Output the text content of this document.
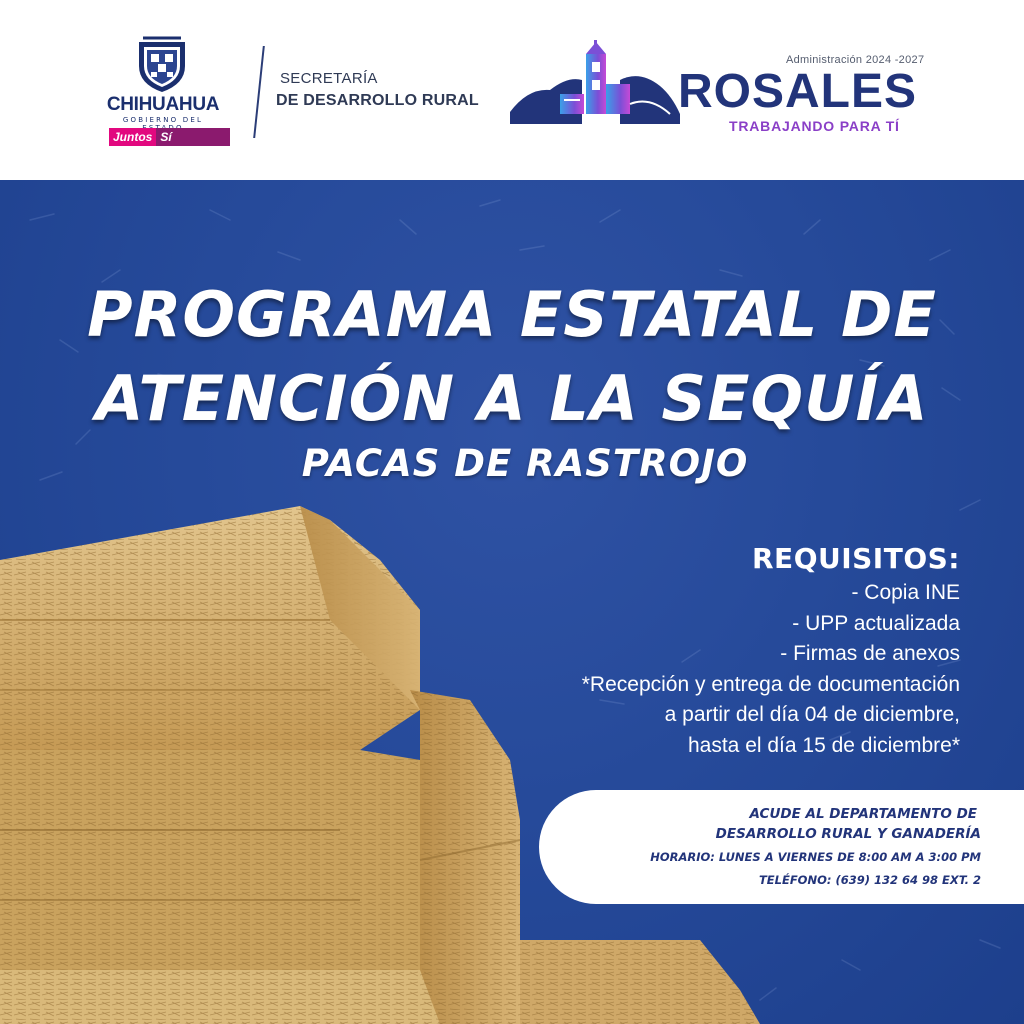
CHIHUAHUA
GOBIERNO DEL
Juntos Sí podemos
SECRETARÍA
DE DESARROLLO RURAL
Administración 2024 -2027
ROSALES
TRABAJANDO PARA TÍ
PROGRAMA ESTATAL DE
ATENCIÓN A LA SEQUÍA
PACAS DE RASTROJO
REQUISITOS:
- Copia INE
- UPP actualizada
- Firmas de anexos
*Recepción y entrega de documentación
a partir del día 04 de diciembre,
hasta el día 15 de diciembre*
ACUDE AL DEPARTAMENTO DE
DESARROLLO RURAL Y GANADERÍA
HORARIO: LUNES A VIERNES DE 8:00 AM A 3:00 PM
TELÉFONO: (639) 132 64 98 EXT. 2
